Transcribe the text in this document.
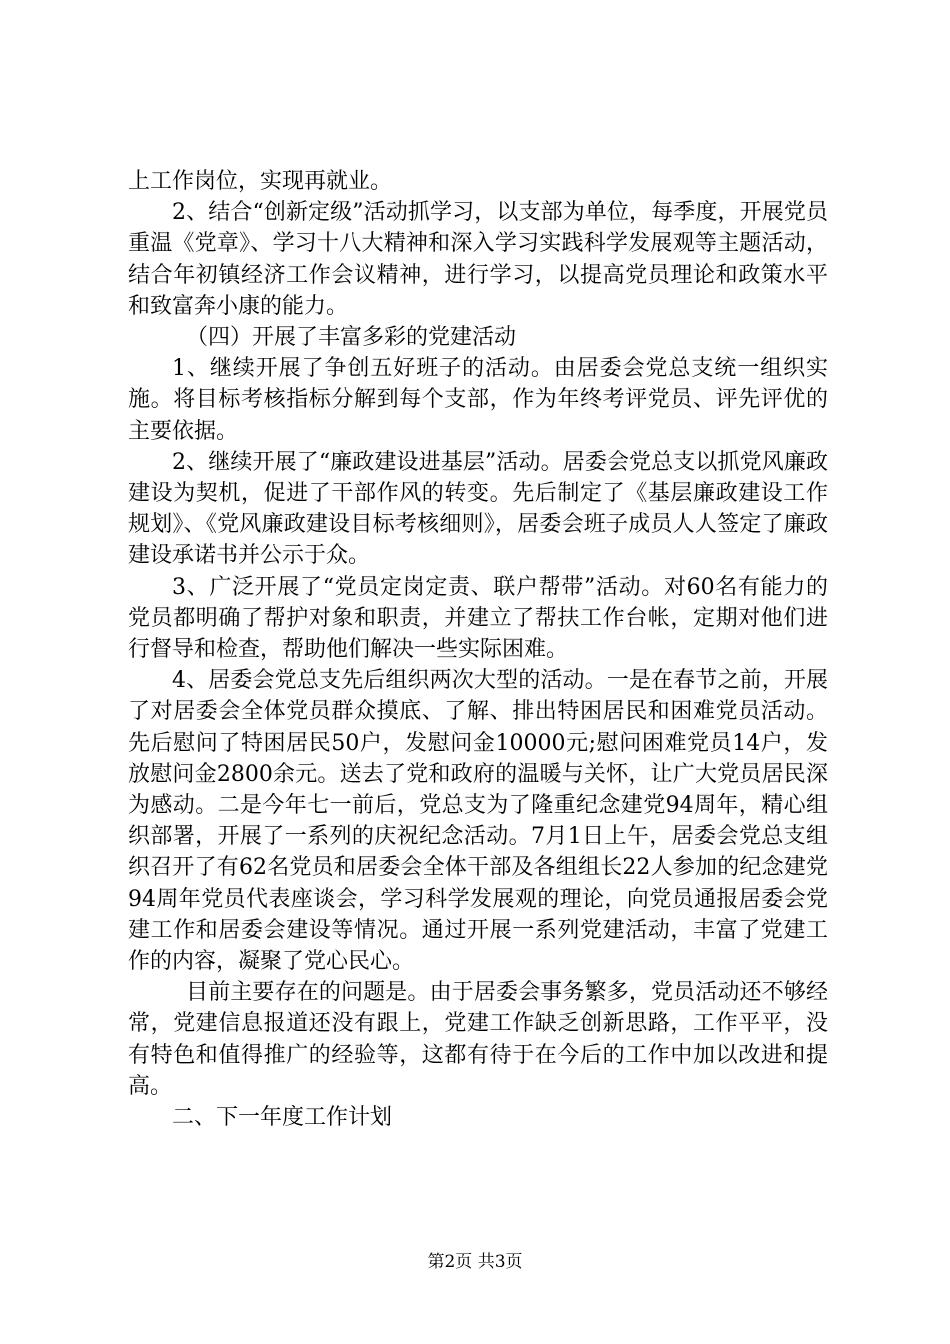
上工作岗位，实现再就业。

2、结合“创新定级”活动抓学习，以支部为单位，每季度，开展党员重温《党章》、学习十八大精神和深入学习实践科学发展观等主题活动，结合年初镇经济工作会议精神，进行学习，以提高党员理论和政策水平和致富奔小康的能力。

（四）开展了丰富多彩的党建活动

1、继续开展了争创五好班子的活动。由居委会党总支统一组织实施。将目标考核指标分解到每个支部，作为年终考评党员、评先评优的主要依据。

2、继续开展了“廉政建设进基层”活动。居委会党总支以抓党风廉政建设为契机，促进了干部作风的转变。先后制定了《基层廉政建设工作规划》、《党风廉政建设目标考核细则》，居委会班子成员人人签定了廉政建设承诺书并公示于众。

3、广泛开展了“党员定岗定责、联户帮带”活动。对60名有能力的党员都明确了帮护对象和职责，并建立了帮扶工作台帐，定期对他们进行督导和检查，帮助他们解决一些实际困难。

4、居委会党总支先后组织两次大型的活动。一是在春节之前，开展了对居委会全体党员群众摸底、了解、排出特困居民和困难党员活动。先后慰问了特困居民50户，发慰问金10000元;慰问困难党员14户，发放慰问金2800余元。送去了党和政府的温暖与关怀，让广大党员居民深为感动。二是今年七一前后，党总支为了隆重纪念建党94周年，精心组织部署，开展了一系列的庆祝纪念活动。7月1日上午，居委会党总支组织召开了有62名党员和居委会全体干部及各组组长22人参加的纪念建党94周年党员代表座谈会，学习科学发展观的理论，向党员通报居委会党建工作和居委会建设等情况。通过开展一系列党建活动，丰富了党建工作的内容，凝聚了党心民心。

目前主要存在的问题是。由于居委会事务繁多，党员活动还不够经常，党建信息报道还没有跟上，党建工作缺乏创新思路，工作平平，没有特色和值得推广的经验等，这都有待于在今后的工作中加以改进和提高。

二、下一年度工作计划

第2页 共3页
